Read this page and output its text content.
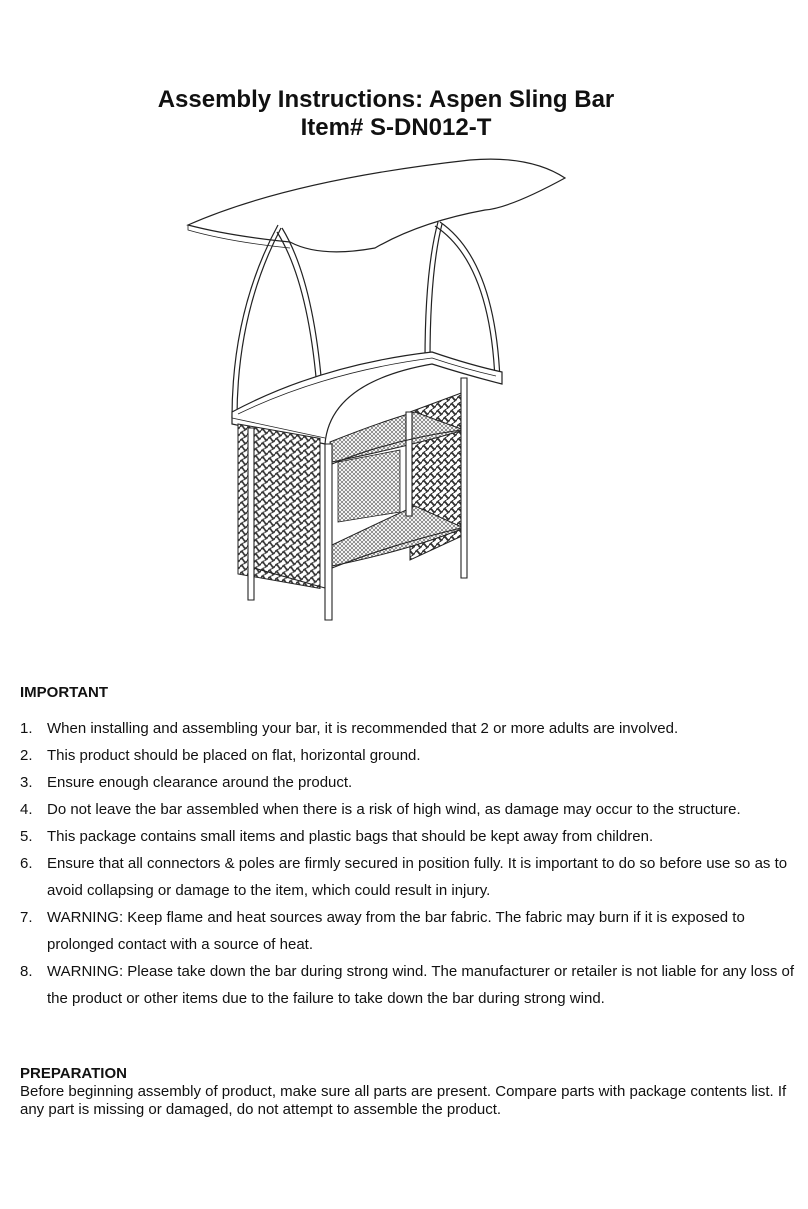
Assembly Instructions: Aspen Sling Bar
Item# S-DN012-T
IMPORTANT
1. When installing and assembling your bar, it is recommended that 2 or more adults are involved.
2. This product should be placed on flat, horizontal ground.
3. Ensure enough clearance around the product.
4. Do not leave the bar assembled when there is a risk of high wind, as damage may occur to the structure.
5. This package contains small items and plastic bags that should be kept away from children.
6. Ensure that all connectors & poles are firmly secured in position fully. It is important to do so before use so as to avoid collapsing or damage to the item, which could result in injury.
7. WARNING: Keep flame and heat sources away from the bar fabric. The fabric may burn if it is exposed to prolonged contact with a source of heat.
8. WARNING: Please take down the bar during strong wind. The manufacturer or retailer is not liable for any loss of the product or other items due to the failure to take down the bar during strong wind.
PREPARATION

Before beginning assembly of product, make sure all parts are present. Compare parts with package contents list. If any part is missing or damaged, do not attempt to assemble the product.
